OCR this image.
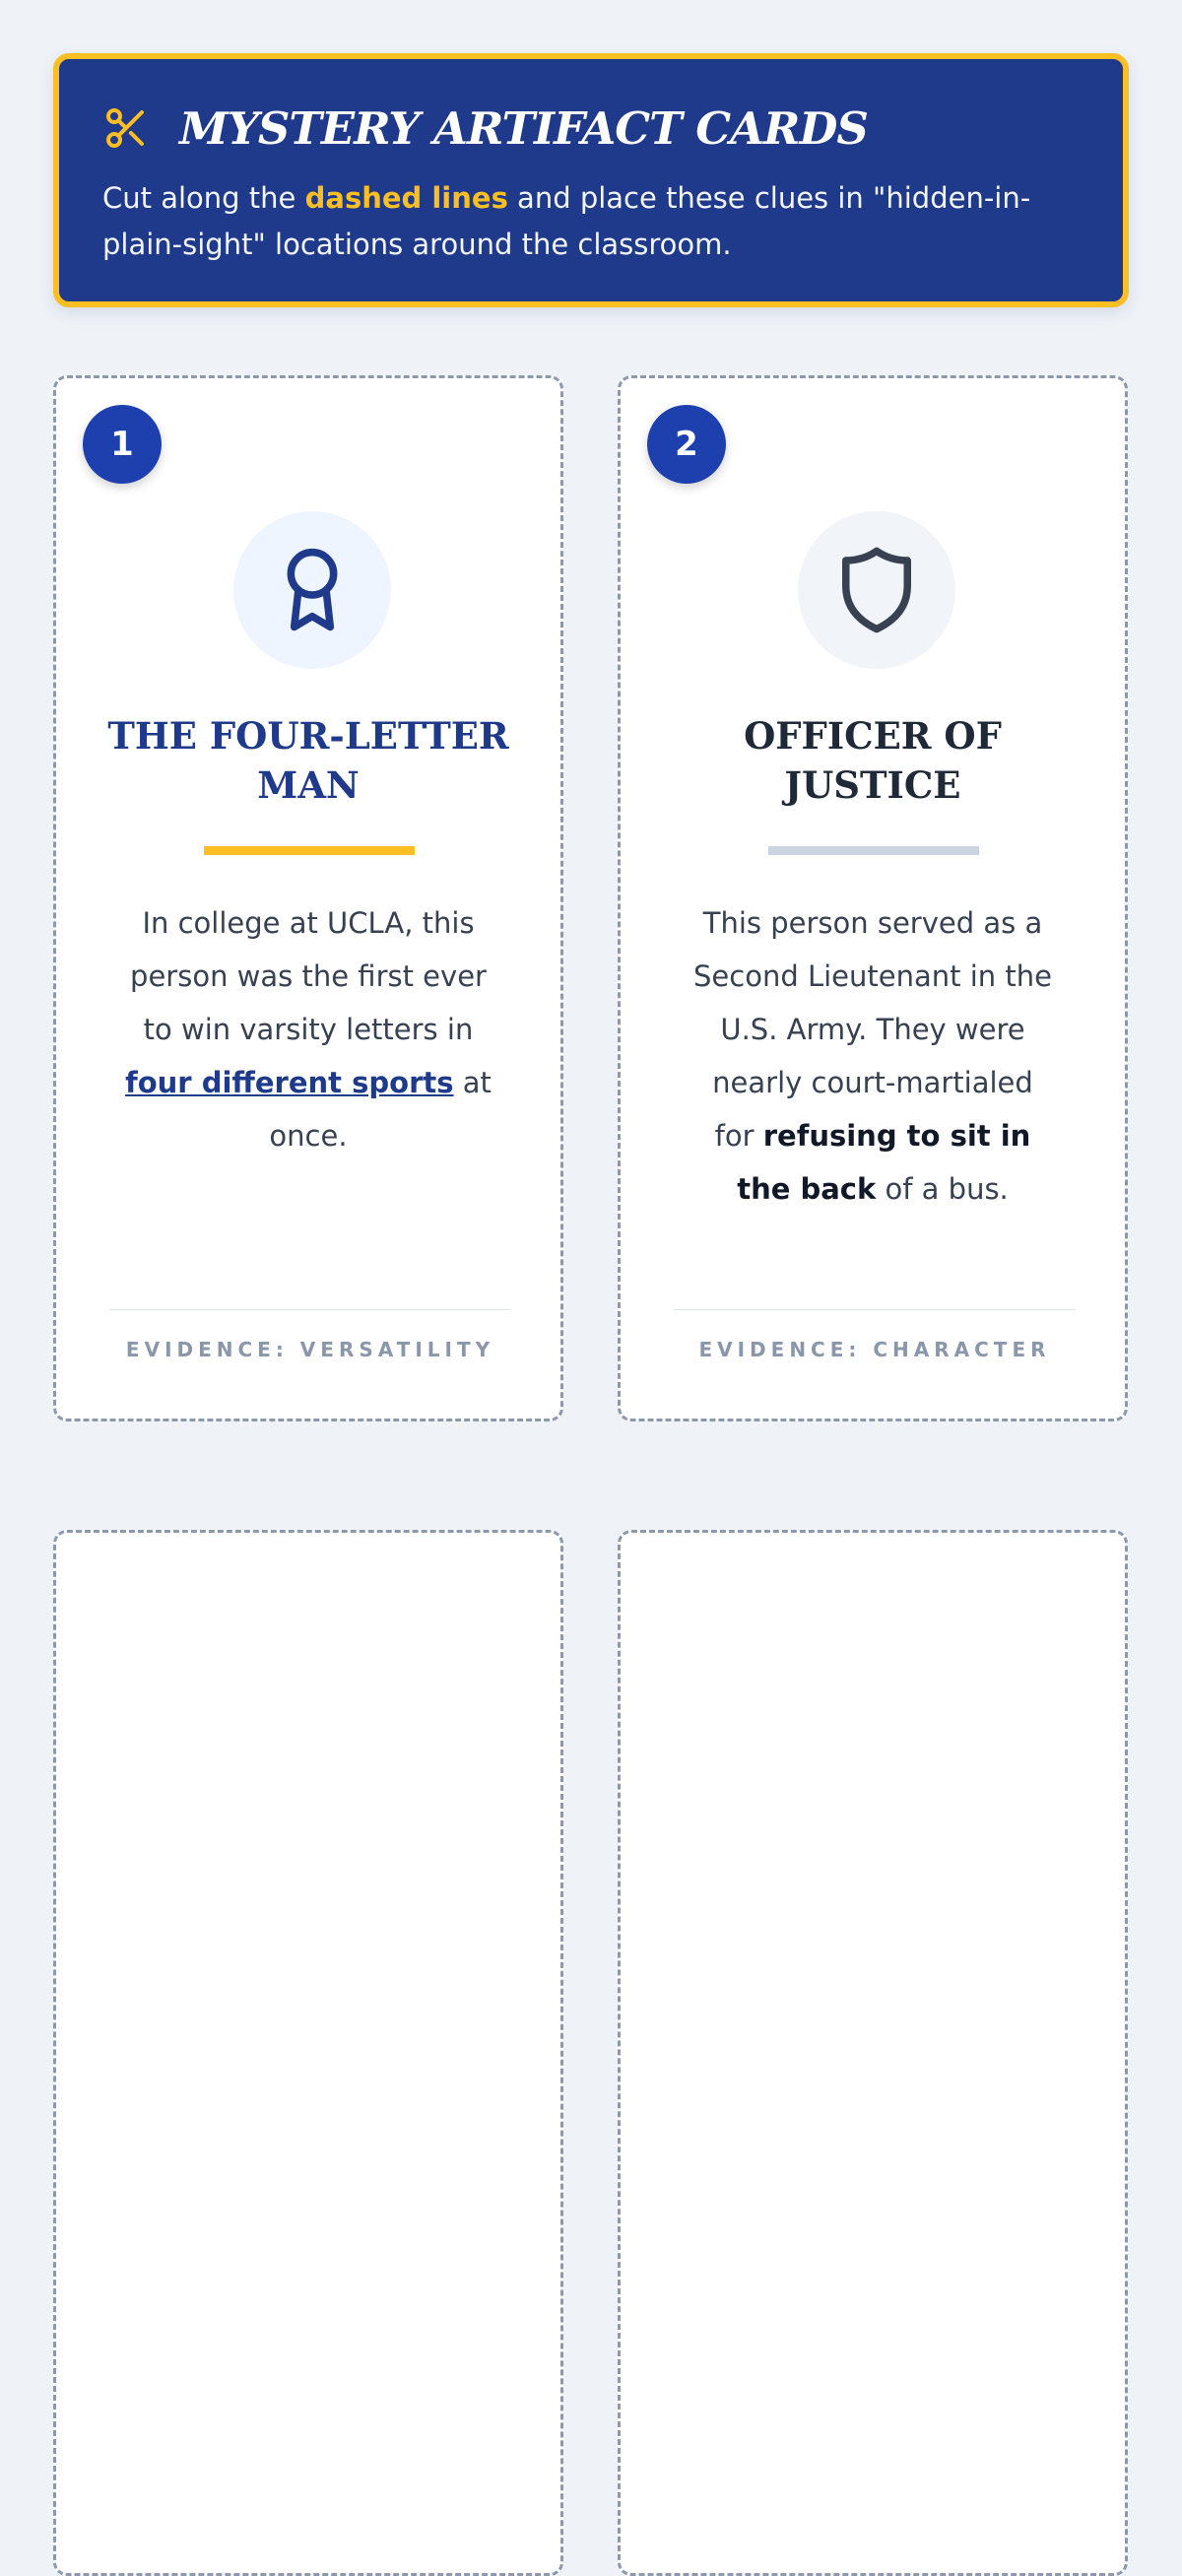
MYSTERY ARTIFACT CARDS
Cut along the dashed lines and place these clues in "hidden-in-plain-sight" locations around the classroom.
1
THE FOUR-LETTER MAN
In college at UCLA, this person was the first ever to win varsity letters in four different sports at once.
EVIDENCE: VERSATILITY
2
OFFICER OF JUSTICE
This person served as a Second Lieutenant in the U.S. Army. They were nearly court-martialed for refusing to sit in the back of a bus.
EVIDENCE: CHARACTER
